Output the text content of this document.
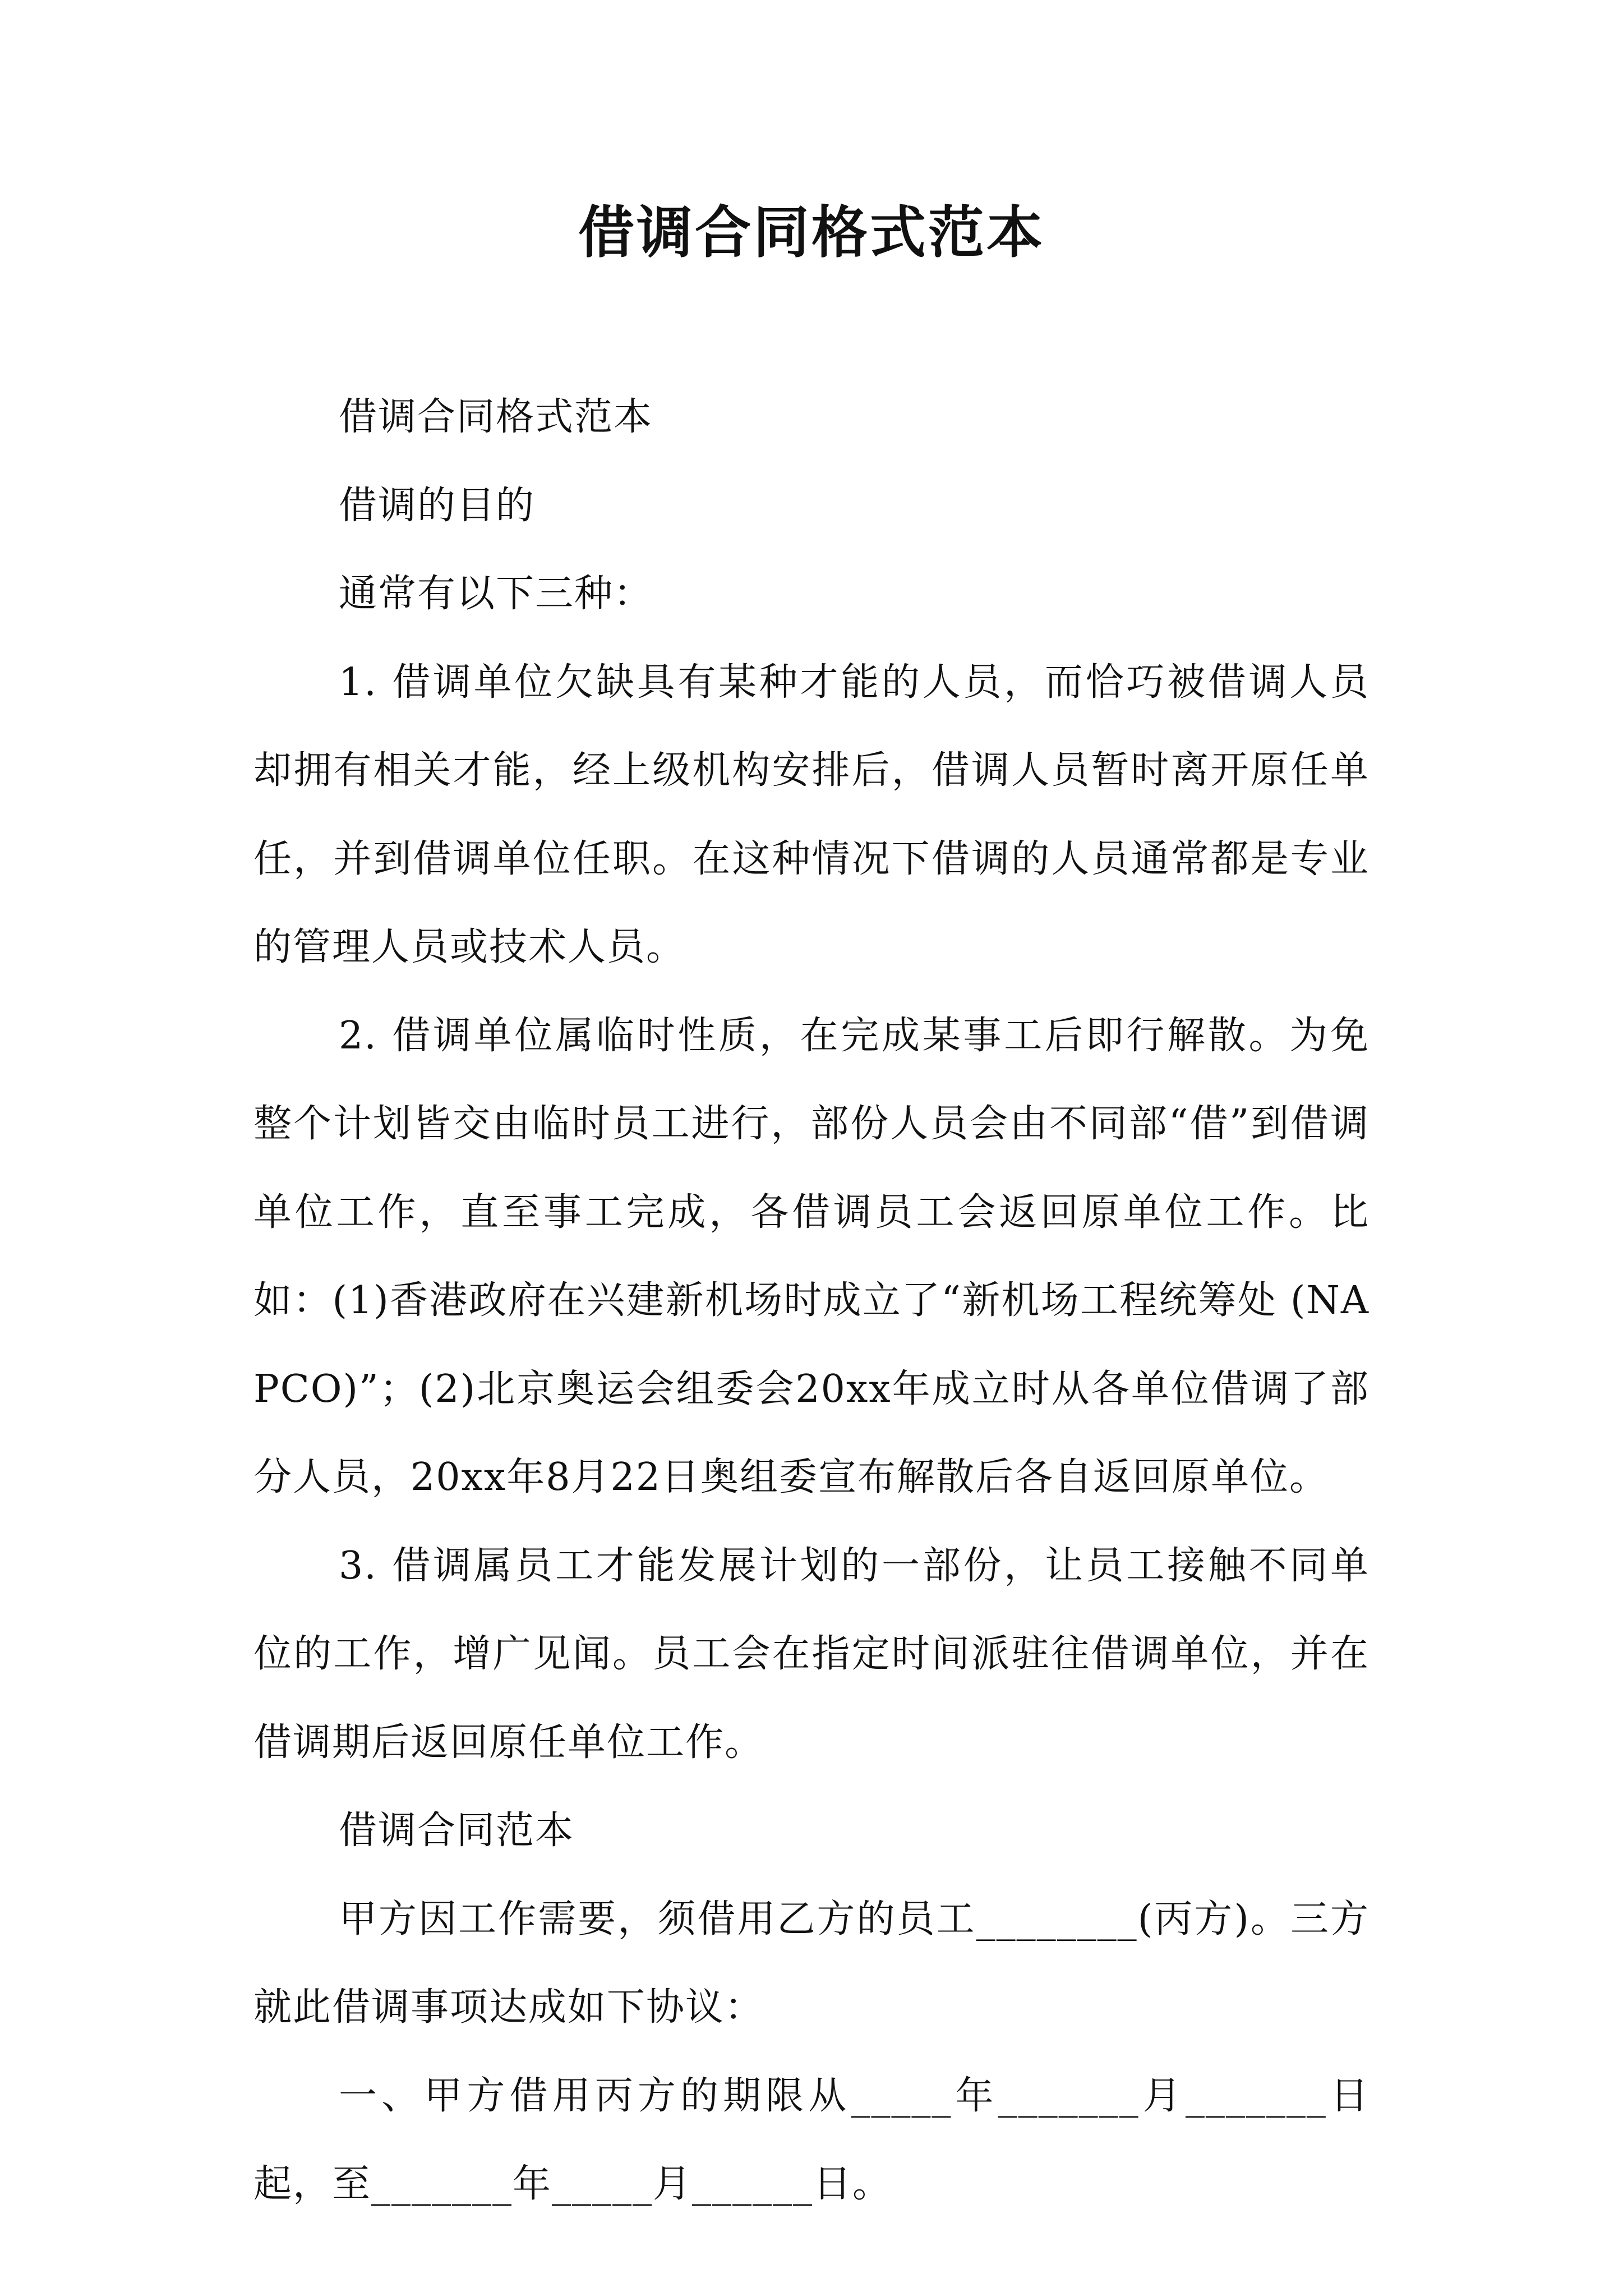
借调合同格式范本

借调合同格式范本

借调的目的

通常有以下三种：

1. 借调单位欠缺具有某种才能的人员，而恰巧被借调人员却拥有相关才能，经上级机构安排后，借调人员暂时离开原任单任，并到借调单位任职。在这种情况下借调的人员通常都是专业的管理人员或技术人员。

2. 借调单位属临时性质，在完成某事工后即行解散。为免整个计划皆交由临时员工进行，部份人员会由不同部“借”到借调单位工作，直至事工完成，各借调员工会返回原单位工作。比如：(1)香港政府在兴建新机场时成立了“新机场工程统筹处 (NAPCO)”；(2)北京奥运会组委会20xx年成立时从各单位借调了部分人员，20xx年8月22日奥组委宣布解散后各自返回原单位。

3. 借调属员工才能发展计划的一部份，让员工接触不同单位的工作，增广见闻。员工会在指定时间派驻往借调单位，并在借调期后返回原任单位工作。

借调合同范本

甲方因工作需要，须借用乙方的员工________(丙方)。三方就此借调事项达成如下协议：

一、甲方借用丙方的期限从_____年_______月_______日起，至_______年_____月______日。
